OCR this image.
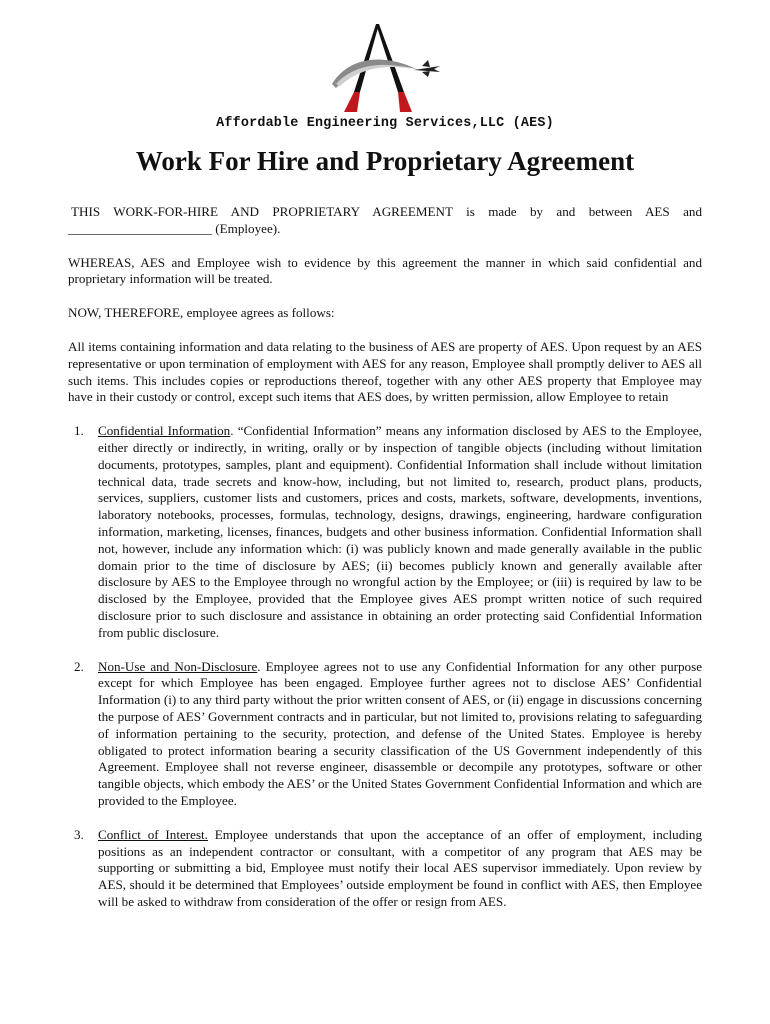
Affordable Engineering Services,LLC (AES)
Work For Hire and Proprietary Agreement

THIS WORK-FOR-HIRE AND PROPRIETARY AGREEMENT is made by and between AES and ______________________ (Employee).

WHEREAS, AES and Employee wish to evidence by this agreement the manner in which said confidential and proprietary information will be treated.

NOW, THEREFORE, employee agrees as follows:

All items containing information and data relating to the business of AES are property of AES. Upon request by an AES representative or upon termination of employment with AES for any reason, Employee shall promptly deliver to AES all such items. This includes copies or reproductions thereof, together with any other AES property that Employee may have in their custody or control, except such items that AES does, by written permission, allow Employee to retain

1. Confidential Information. “Confidential Information” means any information disclosed by AES to the Employee, either directly or indirectly, in writing, orally or by inspection of tangible objects (including without limitation documents, prototypes, samples, plant and equipment). Confidential Information shall include without limitation technical data, trade secrets and know-how, including, but not limited to, research, product plans, products, services, suppliers, customer lists and customers, prices and costs, markets, software, developments, inventions, laboratory notebooks, processes, formulas, technology, designs, drawings, engineering, hardware configuration information, marketing, licenses, finances, budgets and other business information. Confidential Information shall not, however, include any information which: (i) was publicly known and made generally available in the public domain prior to the time of disclosure by AES; (ii) becomes publicly known and generally available after disclosure by AES to the Employee through no wrongful action by the Employee; or (iii) is required by law to be disclosed by the Employee, provided that the Employee gives AES prompt written notice of such required disclosure prior to such disclosure and assistance in obtaining an order protecting said Confidential Information from public disclosure.
2. Non-Use and Non-Disclosure. Employee agrees not to use any Confidential Information for any other purpose except for which Employee has been engaged. Employee further agrees not to disclose AES’ Confidential Information (i) to any third party without the prior written consent of AES, or (ii) engage in discussions concerning the purpose of AES’ Government contracts and in particular, but not limited to, provisions relating to safeguarding of information pertaining to the security, protection, and defense of the United States. Employee is hereby obligated to protect information bearing a security classification of the US Government independently of this Agreement. Employee shall not reverse engineer, disassemble or decompile any prototypes, software or other tangible objects, which embody the AES’ or the United States Government Confidential Information and which are provided to the Employee.
3. Conflict of Interest. Employee understands that upon the acceptance of an offer of employment, including positions as an independent contractor or consultant, with a competitor of any program that AES may be supporting or submitting a bid, Employee must notify their local AES supervisor immediately. Upon review by AES, should it be determined that Employees’ outside employment be found in conflict with AES, then Employee will be asked to withdraw from consideration of the offer or resign from AES.
